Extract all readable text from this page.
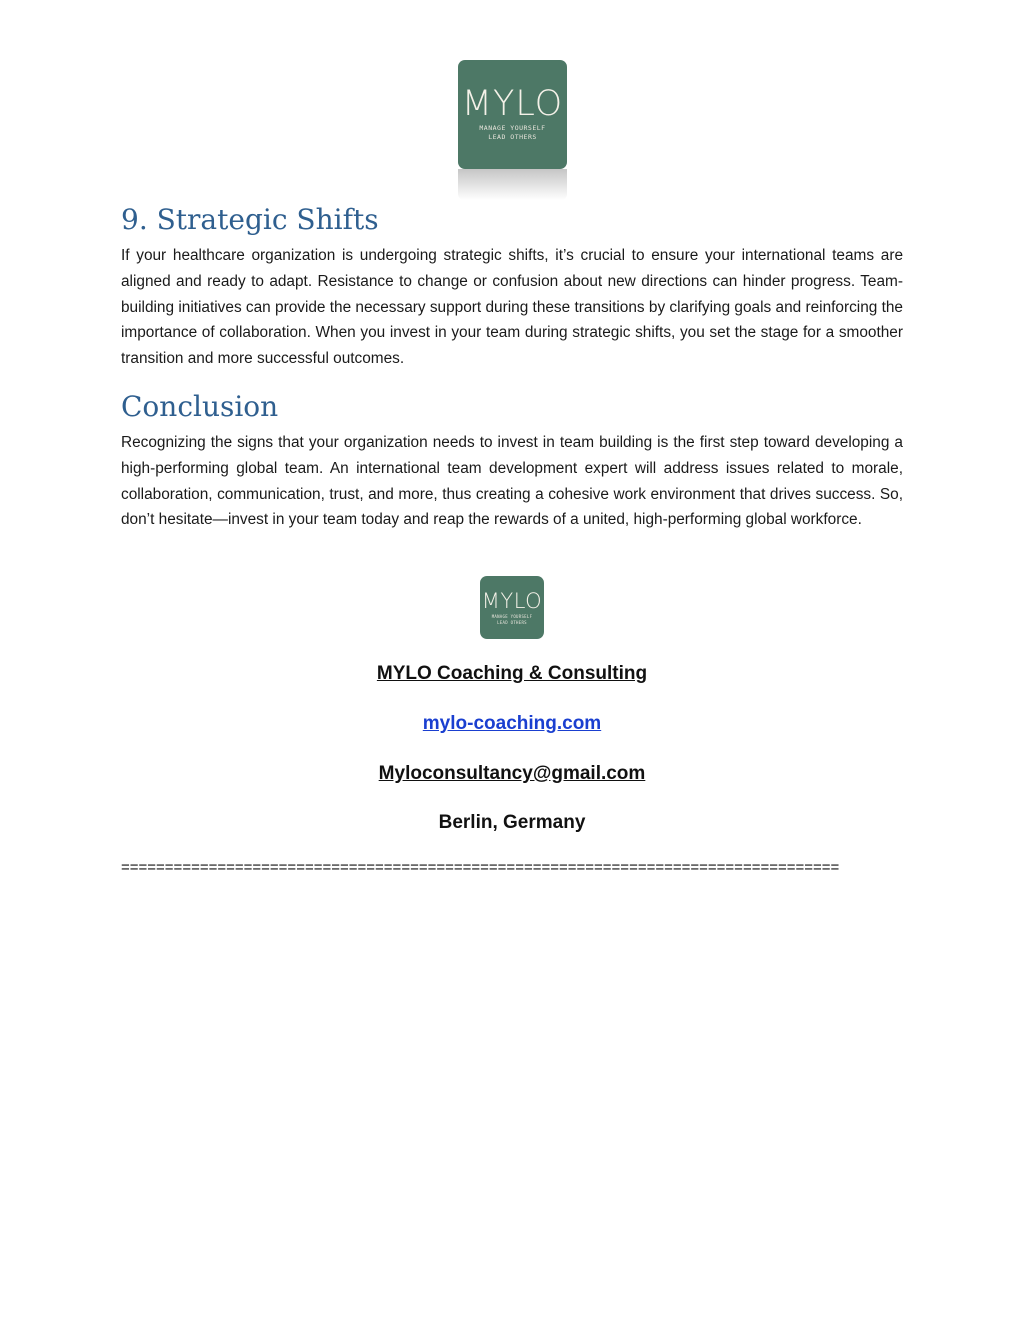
MYLO
MANAGE YOURSELF
LEAD OTHERS
9. Strategic Shifts

If your healthcare organization is undergoing strategic shifts, it’s crucial to ensure your international teams are aligned and ready to adapt. Resistance to change or confusion about new directions can hinder progress. Team-building initiatives can provide the necessary support during these transitions by clarifying goals and reinforcing the importance of collaboration. When you invest in your team during strategic shifts, you set the stage for a smoother transition and more successful outcomes.

Conclusion

Recognizing the signs that your organization needs to invest in team building is the first step toward developing a high-performing global team. An international team development expert will address issues related to morale, collaboration, communication, trust, and more, thus creating a cohesive work environment that drives success. So, don’t hesitate—invest in your team today and reap the rewards of a united, high-performing global workforce.

MYLO
MANAGE YOURSELF
LEAD OTHERS
MYLO Coaching & Consulting
mylo-coaching.com
Myloconsultancy@gmail.com
Berlin, Germany
==================================================================================
